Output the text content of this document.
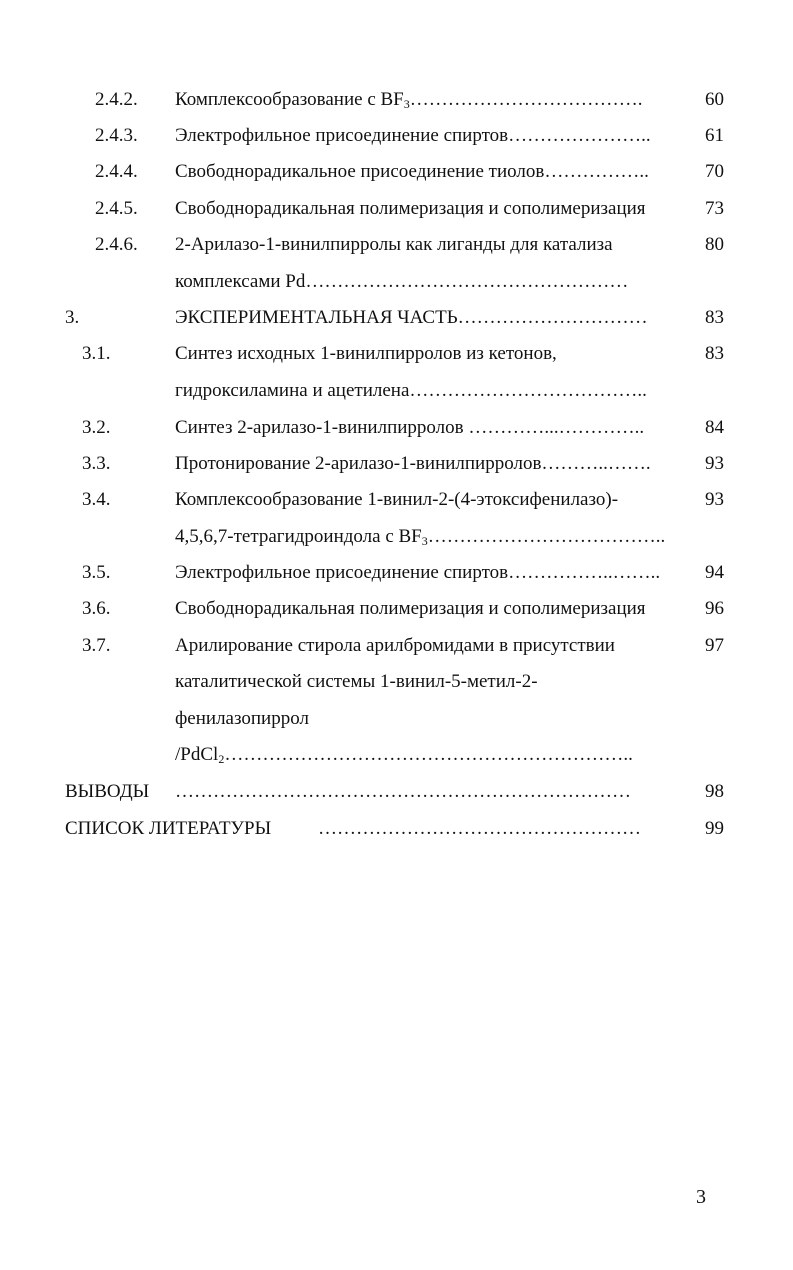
2.4.2. Комплексообразование с $BF_3\dots\dots\dots\dots\dots\dots\dots\dots\dots\dots\dots\dots$.	60
2.4.3. Электрофильное присоединение спиртов…………………..	61
2.4.4. Свободнорадикальное присоединение тиолов……………..	70
2.4.5. Свободнорадикальная полимеризация и сополимеризация	73
2.4.6. 2-Арилазо-1-винилпирролы как лиганды для катализа	80
комплексами Pd……………………………………………
3.	ЭКСПЕРИМЕНТАЛЬНАЯ ЧАСТЬ…………………………	83
3.1.	Синтез исходных 1-винилпирролов из кетонов,	83
гидроксиламина и ацетилена………………………………..
3.2.	Синтез 2-арилазо-1-винилпирролов …………...…………..	84
3.3.	Протонирование 2-арилазо-1-винилпирролов………..…….	93
3.4.	Комплексообразование 1-винил-2-(4-этоксифенилазо)-	93
4,5,6,7-тетрагидроиндола с $BF_3\dots\dots\dots\dots\dots\dots\dots\dots\dots\dots\dots\dots$..
3.5.	Электрофильное присоединение спиртов……………..…….. 94
3.6.	Свободнорадикальная полимеризация и сополимеризация	96
3.7.	Арилирование стирола арилбромидами в присутствии	97
каталитической системы 1-винил-5-метил-2-
фенилазопиррол
/PdCl$_2$………………………………………………………..
ВЫВОДЫ ………………………………………………………………	98
СПИСОК ЛИТЕРАТУРЫ ……………………………………………	99
3
